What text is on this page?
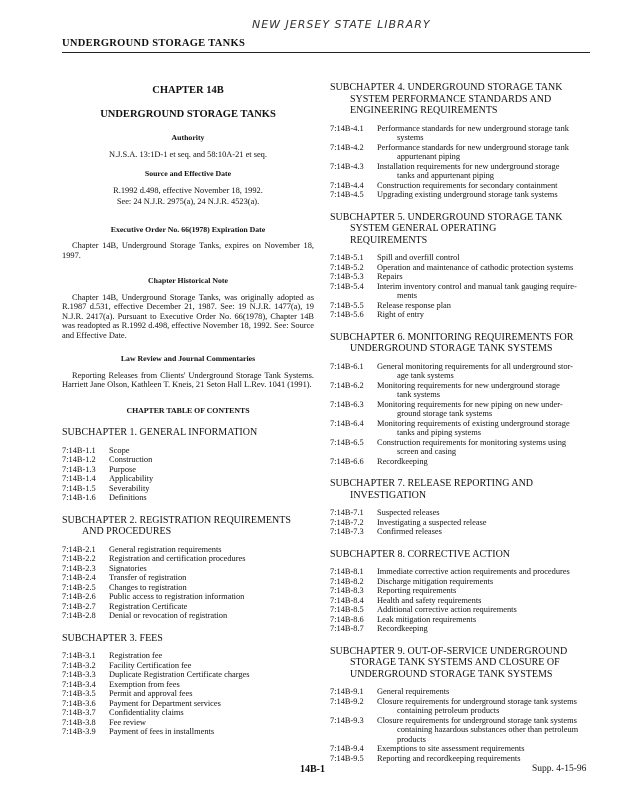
NEW JERSEY STATE LIBRARY
UNDERGROUND STORAGE TANKS
CHAPTER 14B
UNDERGROUND STORAGE TANKS
Authority
N.J.S.A. 13:1D-1 et seq. and 58:10A-21 et seq.
Source and Effective Date
R.1992 d.498, effective November 18, 1992.
See: 24 N.J.R. 2975(a), 24 N.J.R. 4523(a).
Executive Order No. 66(1978) Expiration Date
Chapter 14B, Underground Storage Tanks, expires on November 18, 1997.
Chapter Historical Note
Chapter 14B, Underground Storage Tanks, was originally adopted as R.1987 d.531, effective December 21, 1987. See: 19 N.J.R. 1477(a), 19 N.J.R. 2417(a). Pursuant to Executive Order No. 66(1978), Chapter 14B was readopted as R.1992 d.498, effective November 18, 1992. See: Source and Effective Date.
Law Review and Journal Commentaries
Reporting Releases from Clients' Underground Storage Tank Systems. Harriett Jane Olson, Kathleen T. Kneis, 21 Seton Hall L.Rev. 1041 (1991).
CHAPTER TABLE OF CONTENTS
SUBCHAPTER 1. GENERAL INFORMATION
7:14B-1.1	Scope
7:14B-1.2	Construction
7:14B-1.3	Purpose
7:14B-1.4	Applicability
7:14B-1.5	Severability
7:14B-1.6	Definitions
SUBCHAPTER 2. REGISTRATION REQUIREMENTS
AND PROCEDURES
7:14B-2.1	General registration requirements
7:14B-2.2	Registration and certification procedures
7:14B-2.3	Signatories
7:14B-2.4	Transfer of registration
7:14B-2.5	Changes to registration
7:14B-2.6	Public access to registration information
7:14B-2.7	Registration Certificate
7:14B-2.8	Denial or revocation of registration
SUBCHAPTER 3. FEES
7:14B-3.1	Registration fee
7:14B-3.2	Facility Certification fee
7:14B-3.3	Duplicate Registration Certificate charges
7:14B-3.4	Exemption from fees
7:14B-3.5	Permit and approval fees
7:14B-3.6	Payment for Department services
7:14B-3.7	Confidentiality claims
7:14B-3.8	Fee review
7:14B-3.9	Payment of fees in installments
SUBCHAPTER 4. UNDERGROUND STORAGE TANK
SYSTEM PERFORMANCE STANDARDS AND
ENGINEERING REQUIREMENTS
7:14B-4.1	Performance standards for new underground storage tank
systems
7:14B-4.2	Performance standards for new underground storage tank
appurtenant piping
7:14B-4.3	Installation requirements for new underground storage
tanks and appurtenant piping
7:14B-4.4	Construction requirements for secondary containment
7:14B-4.5	Upgrading existing underground storage tank systems
SUBCHAPTER 5. UNDERGROUND STORAGE TANK
SYSTEM GENERAL OPERATING
REQUIREMENTS
7:14B-5.1	Spill and overfill control
7:14B-5.2	Operation and maintenance of cathodic protection systems
7:14B-5.3	Repairs
7:14B-5.4	Interim inventory control and manual tank gauging require-
ments
7:14B-5.5	Release response plan
7:14B-5.6	Right of entry
SUBCHAPTER 6. MONITORING REQUIREMENTS FOR
UNDERGROUND STORAGE TANK SYSTEMS
7:14B-6.1	General monitoring requirements for all underground stor-
age tank systems
7:14B-6.2	Monitoring requirements for new underground storage
tank systems
7:14B-6.3	Monitoring requirements for new piping on new under-
ground storage tank systems
7:14B-6.4	Monitoring requirements of existing underground storage
tanks and piping systems
7:14B-6.5	Construction requirements for monitoring systems using
screen and casing
7:14B-6.6	Recordkeeping
SUBCHAPTER 7. RELEASE REPORTING AND
INVESTIGATION
7:14B-7.1	Suspected releases
7:14B-7.2	Investigating a suspected release
7:14B-7.3	Confirmed releases
SUBCHAPTER 8. CORRECTIVE ACTION
7:14B-8.1	Immediate corrective action requirements and procedures
7:14B-8.2	Discharge mitigation requirements
7:14B-8.3	Reporting requirements
7:14B-8.4	Health and safety requirements
7:14B-8.5	Additional corrective action requirements
7:14B-8.6	Leak mitigation requirements
7:14B-8.7	Recordkeeping
SUBCHAPTER 9. OUT-OF-SERVICE UNDERGROUND
STORAGE TANK SYSTEMS AND CLOSURE OF
UNDERGROUND STORAGE TANK SYSTEMS
7:14B-9.1	General requirements
7:14B-9.2	Closure requirements for underground storage tank systems
containing petroleum products
7:14B-9.3	Closure requirements for underground storage tank systems
containing hazardous substances other than petroleum
products
7:14B-9.4	Exemptions to site assessment requirements
7:14B-9.5	Reporting and recordkeeping requirements
14B-1	Supp. 4-15-96
